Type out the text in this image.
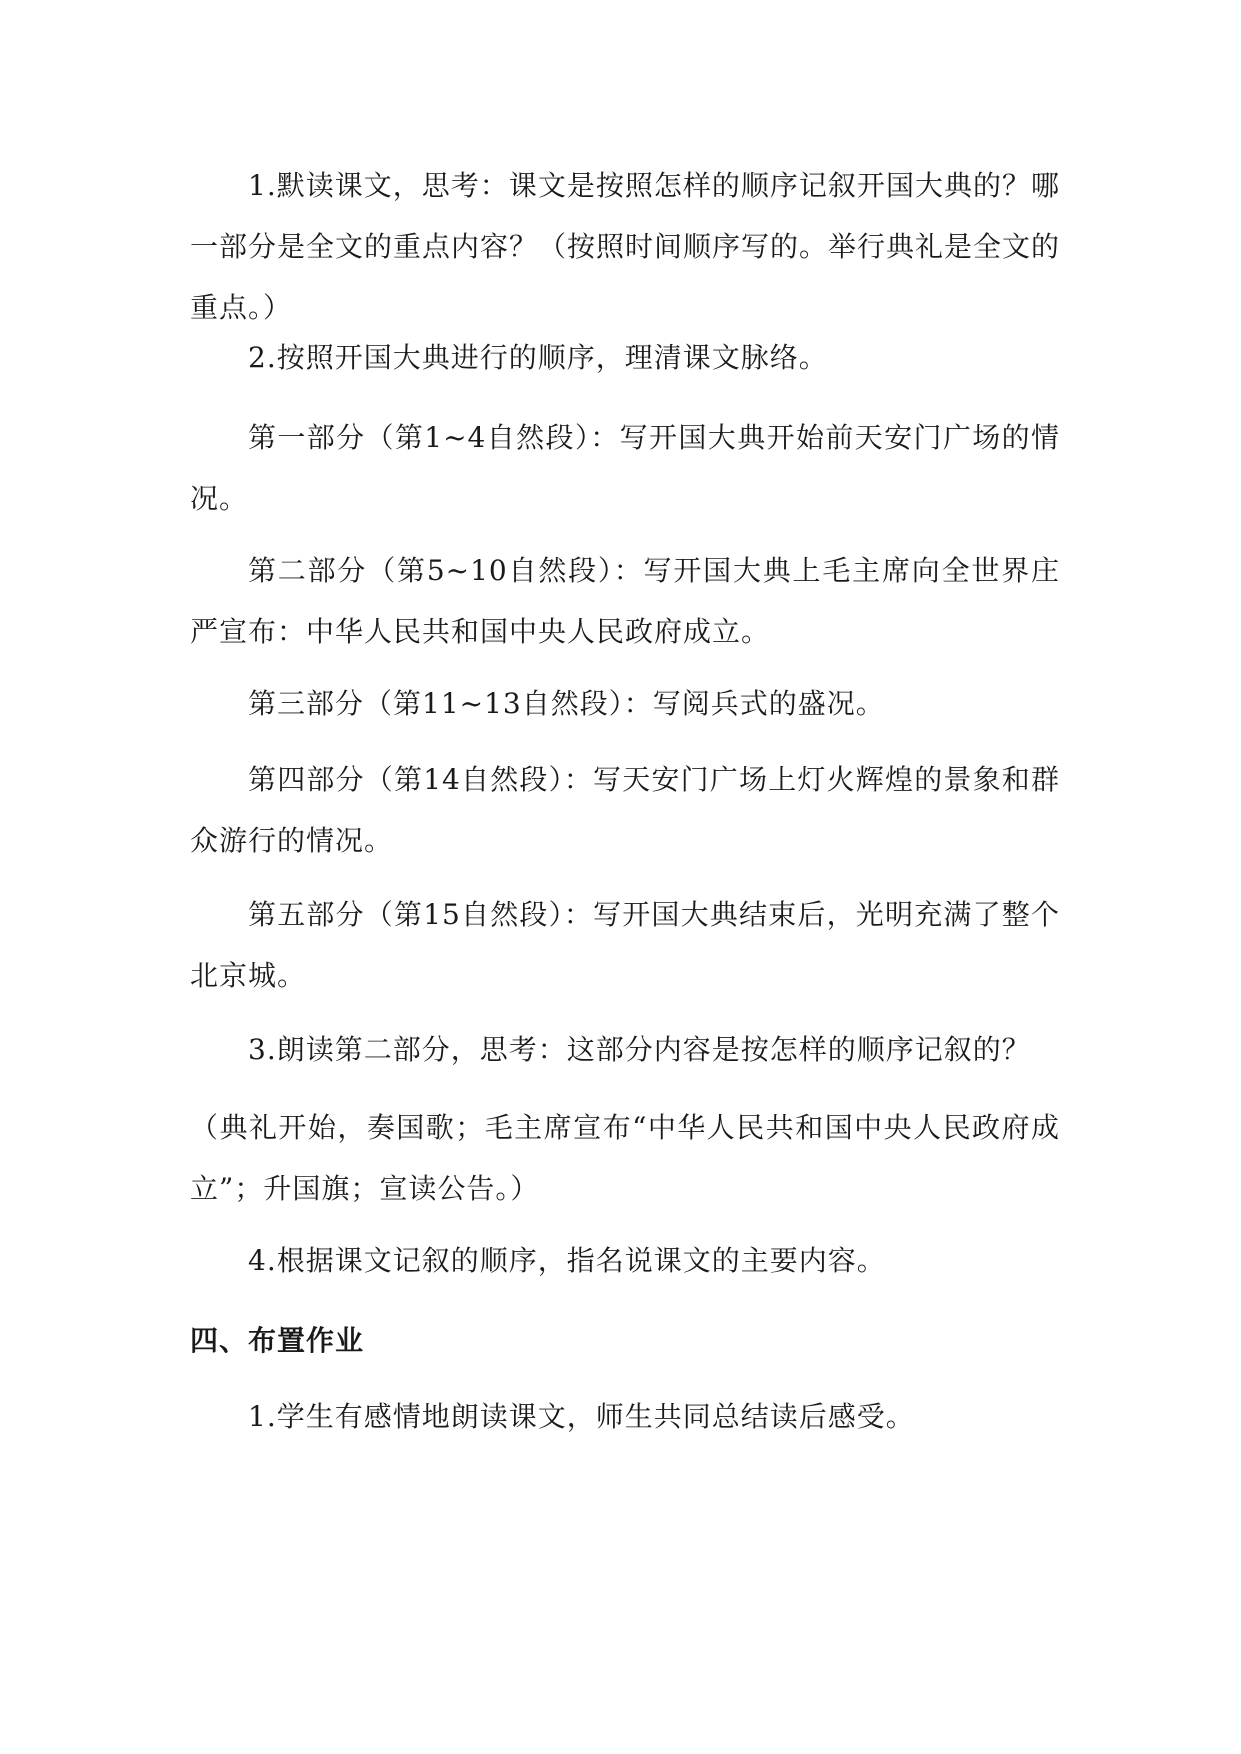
1.默读课文，思考：课文是按照怎样的顺序记叙开国大典的？哪一部分是全文的重点内容？（按照时间顺序写的。举行典礼是全文的重点。）

2.按照开国大典进行的顺序，理清课文脉络。

第一部分（第1~4自然段）：写开国大典开始前天安门广场的情况。

第二部分（第5~10自然段）：写开国大典上毛主席向全世界庄严宣布：中华人民共和国中央人民政府成立。

第三部分（第11~13自然段）：写阅兵式的盛况。

第四部分（第14自然段）：写天安门广场上灯火辉煌的景象和群众游行的情况。

第五部分（第15自然段）：写开国大典结束后，光明充满了整个北京城。

3.朗读第二部分，思考：这部分内容是按怎样的顺序记叙的？

（典礼开始，奏国歌；毛主席宣布“中华人民共和国中央人民政府成立”；升国旗；宣读公告。）

4.根据课文记叙的顺序，指名说课文的主要内容。

四、布置作业

1.学生有感情地朗读课文，师生共同总结读后感受。
